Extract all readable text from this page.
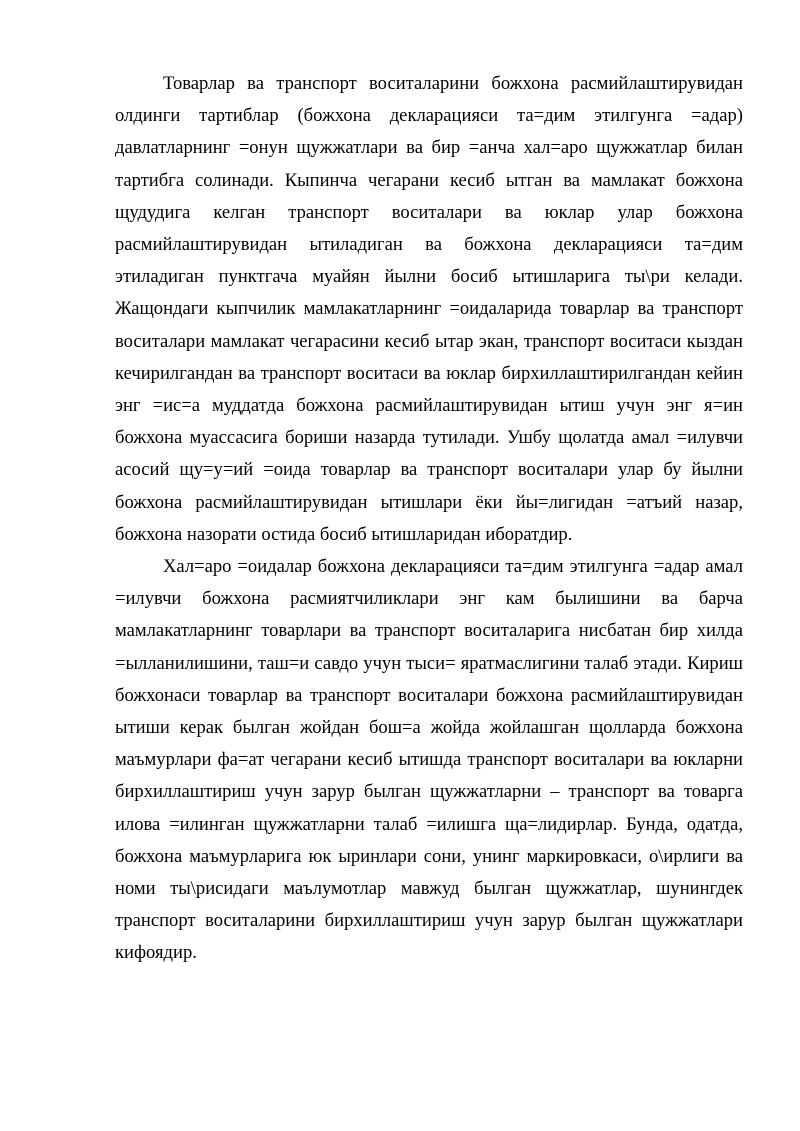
Товарлар ва транспорт воситаларини божхона расмийлаштирувидан олдинги тартиблар (божхона декларацияси та=дим этилгунга =адар) давлатларнинг =онун щужжатлари ва бир =анча хал=аро щужжатлар билан тартибга солинади. Кыпинча чегарани кесиб ытган ва мамлакат божхона щудудига келган транспорт воситалари ва юклар улар божхона расмийлаштирувидан ытиладиган ва божхона декларацияси та=дим этиладиган пунктгача муайян йылни босиб ытишларига ты\ри келади. Жащондаги кыпчилик мамлакатларнинг =оидаларида товарлар ва транспорт воситалари мамлакат чегарасини кесиб ытар экан, транспорт воситаси кыздан кечирилгандан ва транспорт воситаси ва юклар бирхиллаштирилгандан кейин энг =ис=а муддатда божхона расмийлаштирувидан ытиш учун энг я=ин божхона муассасига бориши назарда тутилади. Ушбу щолатда амал =илувчи асосий щу=у=ий =оида товарлар ва транспорт воситалари улар бу йылни божхона расмийлаштирувидан ытишлари ёки йы=лигидан =атъий назар, божхона назорати остида босиб ытишларидан иборатдир.

Хал=аро =оидалар божхона декларацияси та=дим этилгунга =адар амал =илувчи божхона расмиятчиликлари энг кам былишини ва барча мамлакатларнинг товарлари ва транспорт воситаларига нисбатан бир хилда =ылланилишини, таш=и савдо учун тыси= яратмаслигини талаб этади. Кириш божхонаси товарлар ва транспорт воситалари божхона расмийлаштирувидан ытиши керак былган жойдан бош=а жойда жойлашган щолларда божхона маъмурлари фа=ат чегарани кесиб ытишда транспорт воситалари ва юкларни бирхиллаштириш учун зарур былган щужжатларни – транспорт ва товарга илова =илинган щужжатларни талаб =илишга ща=лидирлар. Бунда, одатда, божхона маъмурларига юк ыринлари сони, унинг маркировкаси, о\ирлиги ва номи ты\рисидаги маълумотлар мавжуд былган щужжатлар, шунингдек транспорт воситаларини бирхиллаштириш учун зарур былган щужжатлари кифоядир.
